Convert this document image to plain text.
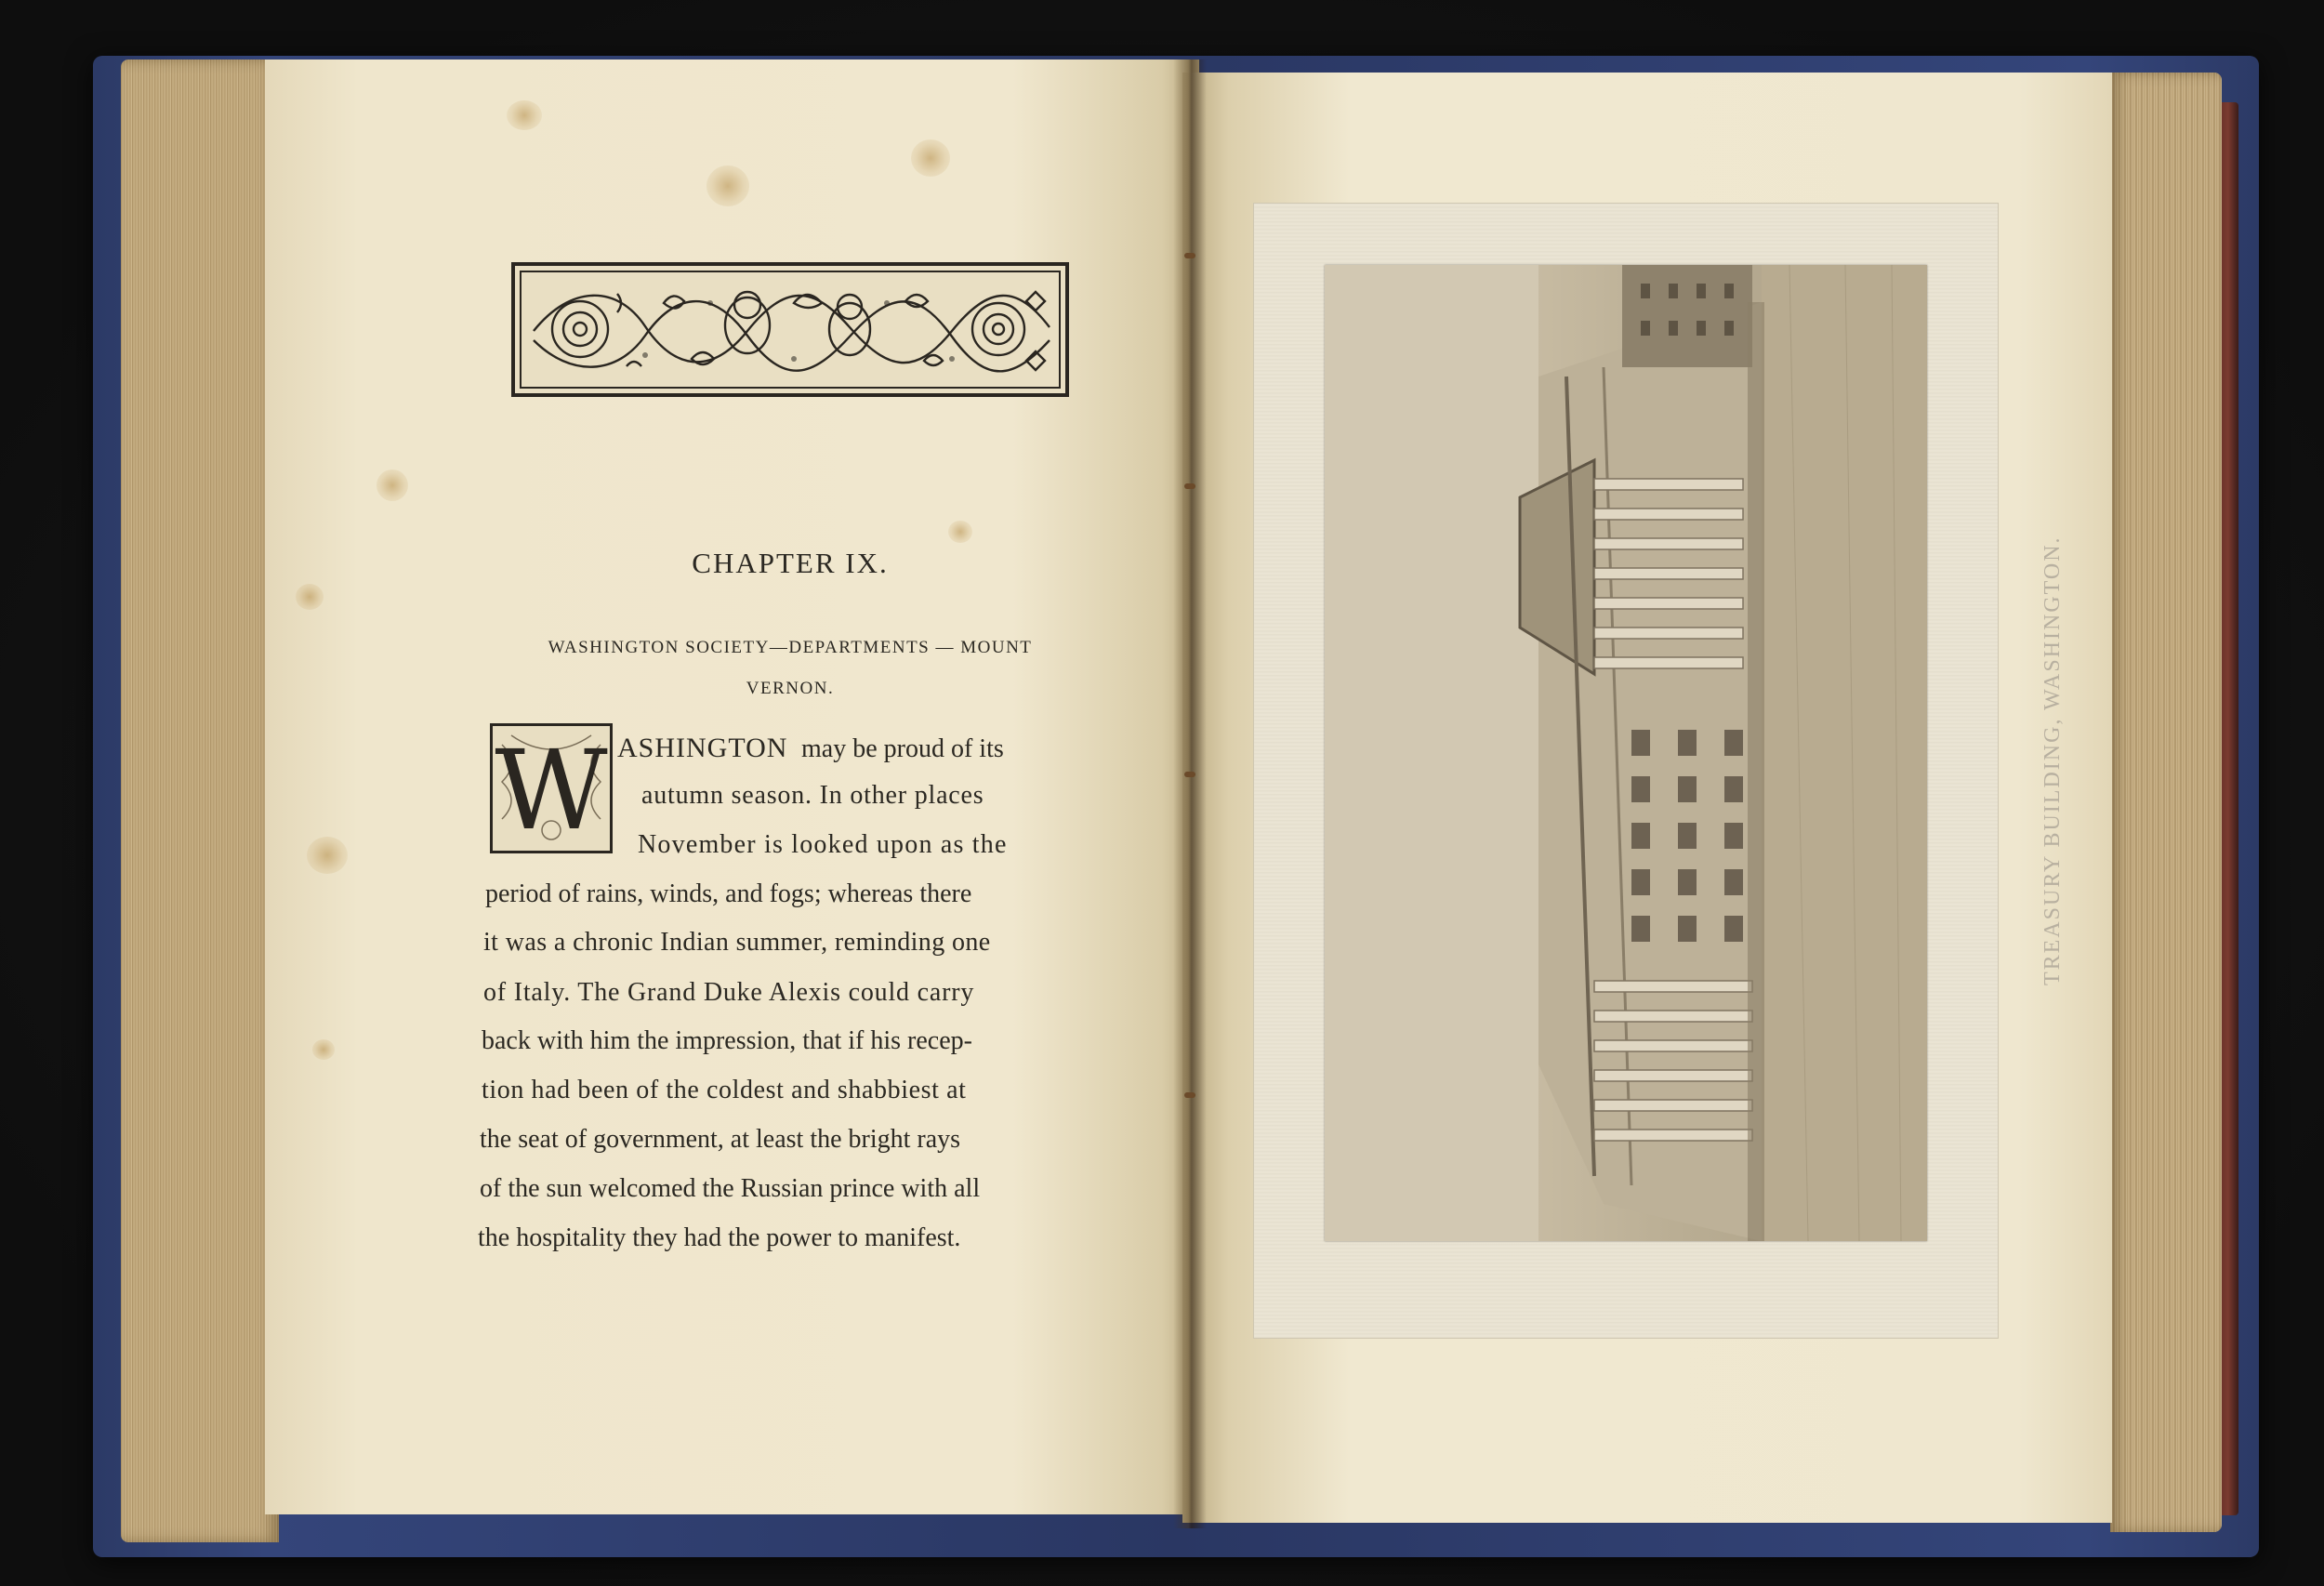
CHAPTER IX.
WASHINGTON SOCIETY—DEPARTMENTS — MOUNT
VERNON.
W ASHINGTON may be proud of its
autumn season. In other places
November is looked upon as the
period of rains, winds, and fogs; whereas there
it was a chronic Indian summer, reminding one
of Italy. The Grand Duke Alexis could carry
back with him the impression, that if his recep-
tion had been of the coldest and shabbiest at
the seat of government, at least the bright rays
of the sun welcomed the Russian prince with all
the hospitality they had the power to manifest.
TREASURY BUILDING, WASHINGTON.
